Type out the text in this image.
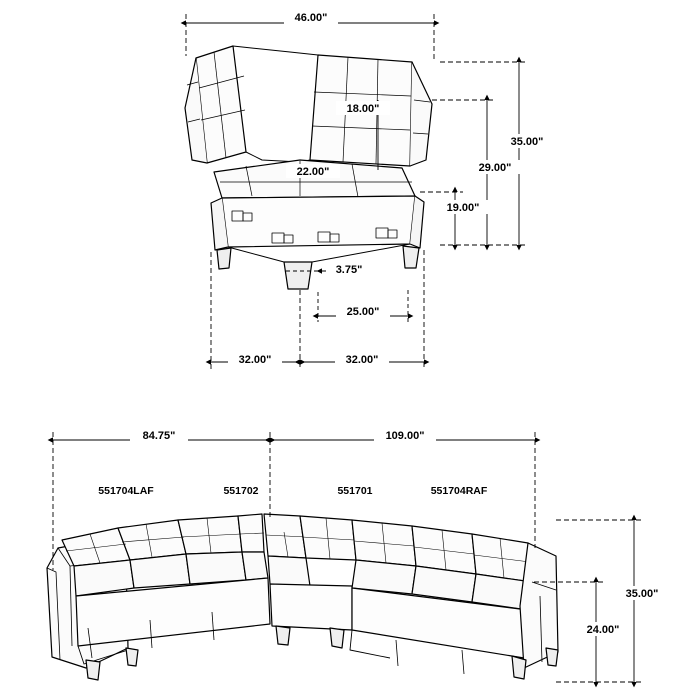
46.00"
18.00"
22.00"
35.00"
29.00"
19.00"
3.75"
25.00"
32.00"	32.00"
84.75"	109.00"
35.00"
24.00"
551704LAF	551702	551701	551704RAF
